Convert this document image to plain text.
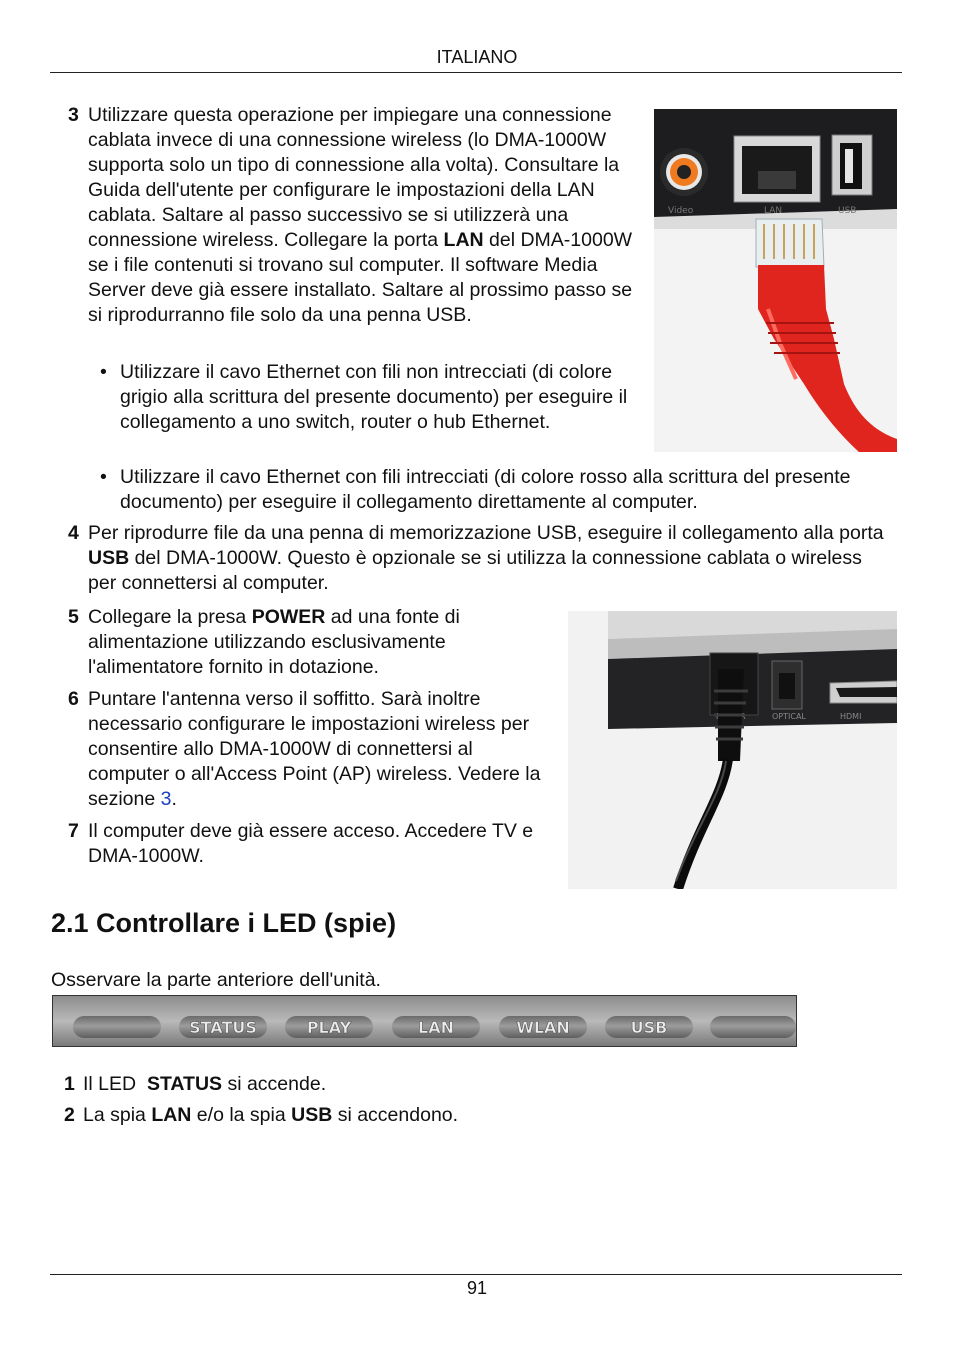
ITALIANO
3 Utilizzare questa operazione per impiegare una connessione cablata invece di una connessione wireless (lo DMA-1000W supporta solo un tipo di connessione alla volta). Consultare la Guida dell'utente per configurare le impostazioni della LAN cablata. Saltare al passo successivo se si utilizzerà una connessione wireless. Collegare la porta LAN del DMA-1000W se i file contenuti si trovano sul computer. Il software Media Server deve già essere installato. Saltare al prossimo passo se si riprodurranno file solo da una penna USB.
• Utilizzare il cavo Ethernet con fili non intrecciati (di colore grigio alla scrittura del presente documento) per eseguire il collegamento a uno switch, router o hub Ethernet.
• Utilizzare il cavo Ethernet con fili intrecciati (di colore rosso alla scrittura del presente documento) per eseguire il collegamento direttamente al computer.
Video	LAN	USB
4 Per riprodurre file da una penna di memorizzazione USB, eseguire il collegamento alla porta USB del DMA-1000W. Questo è opzionale se si utilizza la connessione cablata o wireless per connettersi al computer.
5 Collegare la presa POWER ad una fonte di alimentazione utilizzando esclusivamente l'alimentatore fornito in dotazione.
6 Puntare l'antenna verso il soffitto. Sarà inoltre necessario configurare le impostazioni wireless per consentire allo DMA-1000W di connettersi al computer o all'Access Point (AP) wireless. Vedere la sezione 3.
7 Il computer deve già essere acceso. Accedere TV e DMA-1000W.
OPTICAL	HDMI
2.1 Controllare i LED (spie)
Osservare la parte anteriore dell'unità.
STATUS	PLAY	LAN	WLAN	USB
1 Il LED  STATUS si accende.
2 La spia LAN e/o la spia USB si accendono.
91
